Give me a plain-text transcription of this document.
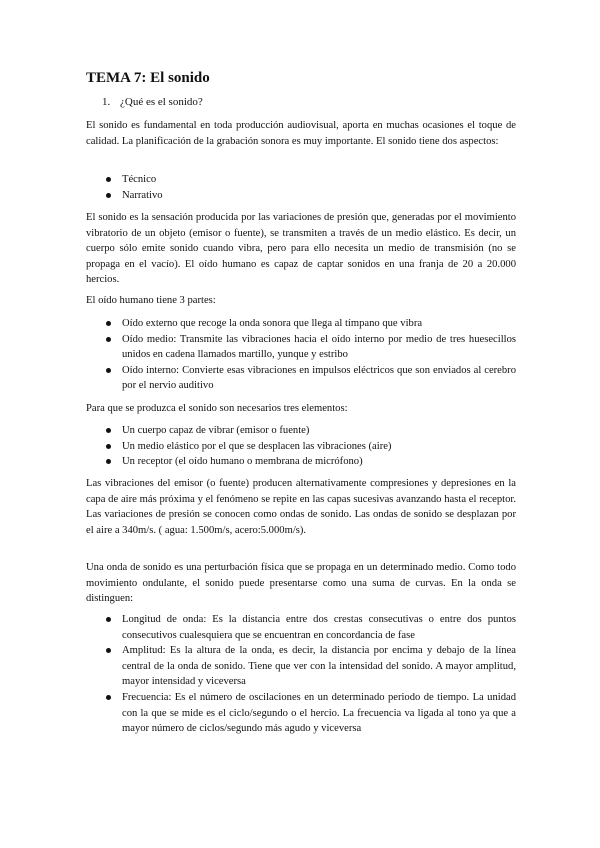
TEMA 7: El sonido
1. ¿Qué es el sonido?

El sonido es fundamental en toda producción audiovisual, aporta en muchas ocasiones el toque de calidad. La planificación de la grabación sonora es muy importante. El sonido tiene dos aspectos:

Técnico
Narrativo

El sonido es la sensación producida por las variaciones de presión que, generadas por el movimiento vibratorio de un objeto (emisor o fuente), se transmiten a través de un medio elástico. Es decir, un cuerpo sólo emite sonido cuando vibra, pero para ello necesita un medio de transmisión (no se propaga en el vacío). El oído humano es capaz de captar sonidos en una franja de 20 a 20.000 hercios.

El oído humano tiene 3 partes:

Oído externo que recoge la onda sonora que llega al tímpano que vibra
Oído medio: Transmite las vibraciones hacia el oído interno por medio de tres huesecillos unidos en cadena llamados martillo, yunque y estribo
Oído interno: Convierte esas vibraciones en impulsos eléctricos que son enviados al cerebro por el nervio auditivo

Para que se produzca el sonido son necesarios tres elementos:

Un cuerpo capaz de vibrar (emisor o fuente)
Un medio elástico por el que se desplacen las vibraciones (aire)
Un receptor (el oído humano o membrana de micrófono)

Las vibraciones del emisor (o fuente) producen alternativamente compresiones y depresiones en la capa de aire más próxima y el fenómeno se repite en las capas sucesivas avanzando hasta el receptor. Las variaciones de presión se conocen como ondas de sonido. Las ondas de sonido se desplazan por el aire a 340m/s. ( agua: 1.500m/s, acero:5.000m/s).

Una onda de sonido es una perturbación física que se propaga en un determinado medio. Como todo movimiento ondulante, el sonido puede presentarse como una suma de curvas. En la onda se distinguen:

Longitud de onda: Es la distancia entre dos crestas consecutivas o entre dos puntos consecutivos cualesquiera que se encuentran en concordancia de fase
Amplitud: Es la altura de la onda, es decir, la distancia por encima y debajo de la línea central de la onda de sonido. Tiene que ver con la intensidad del sonido. A mayor amplitud, mayor intensidad y viceversa
Frecuencia: Es el número de oscilaciones en un determinado periodo de tiempo. La unidad con la que se mide es el ciclo/segundo o el hercio. La frecuencia va ligada al tono ya que a mayor número de ciclos/segundo más agudo y viceversa
